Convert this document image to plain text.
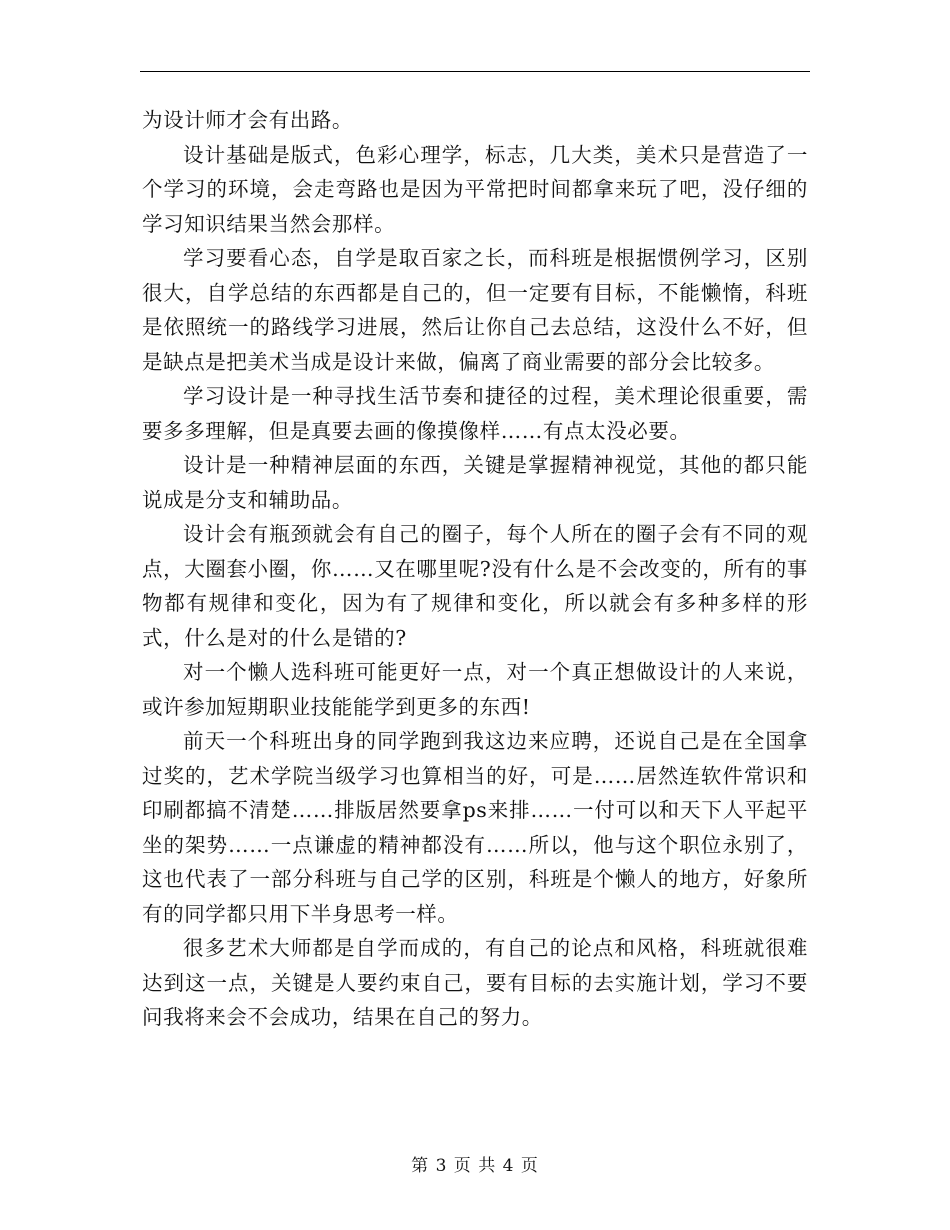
为设计师才会有出路。

设计基础是版式，色彩心理学，标志，几大类，美术只是营造了一个学习的环境，会走弯路也是因为平常把时间都拿来玩了吧，没仔细的学习知识结果当然会那样。

学习要看心态，自学是取百家之长，而科班是根据惯例学习，区别很大，自学总结的东西都是自己的，但一定要有目标，不能懒惰，科班是依照统一的路线学习进展，然后让你自己去总结，这没什么不好，但是缺点是把美术当成是设计来做，偏离了商业需要的部分会比较多。

学习设计是一种寻找生活节奏和捷径的过程，美术理论很重要，需要多多理解，但是真要去画的像摸像样……有点太没必要。

设计是一种精神层面的东西，关键是掌握精神视觉，其他的都只能说成是分支和辅助品。

设计会有瓶颈就会有自己的圈子，每个人所在的圈子会有不同的观点，大圈套小圈，你……又在哪里呢?没有什么是不会改变的，所有的事物都有规律和变化，因为有了规律和变化，所以就会有多种多样的形式，什么是对的什么是错的?

对一个懒人选科班可能更好一点，对一个真正想做设计的人来说，或许参加短期职业技能能学到更多的东西!

前天一个科班出身的同学跑到我这边来应聘，还说自己是在全国拿过奖的，艺术学院当级学习也算相当的好，可是……居然连软件常识和印刷都搞不清楚……排版居然要拿ps来排……一付可以和天下人平起平坐的架势……一点谦虚的精神都没有……所以，他与这个职位永别了，这也代表了一部分科班与自己学的区别，科班是个懒人的地方，好象所有的同学都只用下半身思考一样。

很多艺术大师都是自学而成的，有自己的论点和风格，科班就很难达到这一点，关键是人要约束自己，要有目标的去实施计划，学习不要问我将来会不会成功，结果在自己的努力。

第 3 页 共 4 页
